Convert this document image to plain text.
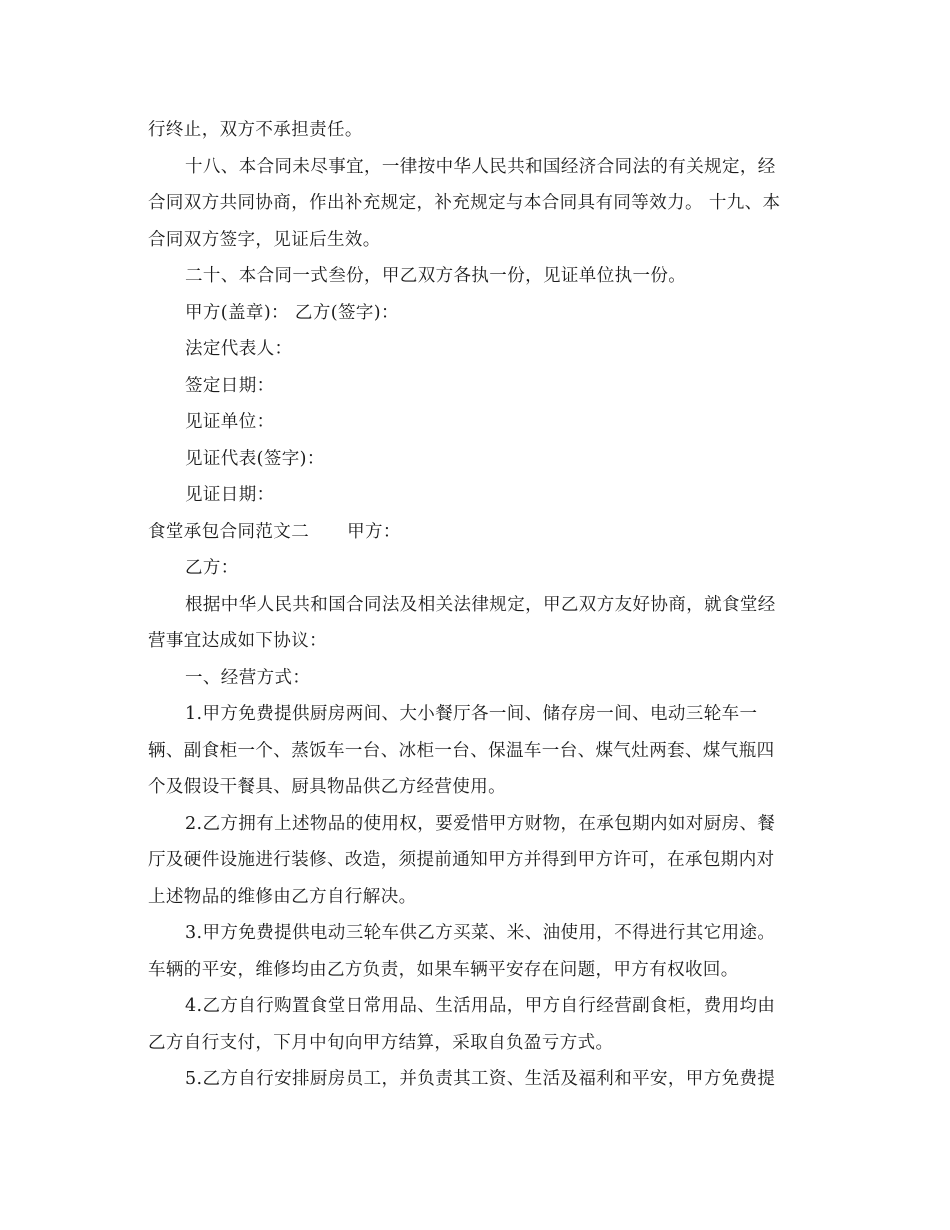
行终止，双方不承担责任。
十八、本合同未尽事宜，一律按中华人民共和国经济合同法的有关规定，经
合同双方共同协商，作出补充规定，补充规定与本合同具有同等效力。 十九、本
合同双方签字，见证后生效。
二十、本合同一式叁份，甲乙双方各执一份，见证单位执一份。
甲方(盖章)： 乙方(签字)：
法定代表人：
签定日期：
见证单位：
见证代表(签字)：
见证日期：
食堂承包合同范文二 甲方：
乙方：
根据中华人民共和国合同法及相关法律规定，甲乙双方友好协商，就食堂经
营事宜达成如下协议：
一、经营方式：
1.甲方免费提供厨房两间、大小餐厅各一间、储存房一间、电动三轮车一
辆、副食柜一个、蒸饭车一台、冰柜一台、保温车一台、煤气灶两套、煤气瓶四
个及假设干餐具、厨具物品供乙方经营使用。
2.乙方拥有上述物品的使用权，要爱惜甲方财物，在承包期内如对厨房、餐
厅及硬件设施进行装修、改造，须提前通知甲方并得到甲方许可，在承包期内对
上述物品的维修由乙方自行解决。
3.甲方免费提供电动三轮车供乙方买菜、米、油使用，不得进行其它用途。
车辆的平安，维修均由乙方负责，如果车辆平安存在问题，甲方有权收回。
4.乙方自行购置食堂日常用品、生活用品，甲方自行经营副食柜，费用均由
乙方自行支付，下月中旬向甲方结算，采取自负盈亏方式。
5.乙方自行安排厨房员工，并负责其工资、生活及福利和平安，甲方免费提
